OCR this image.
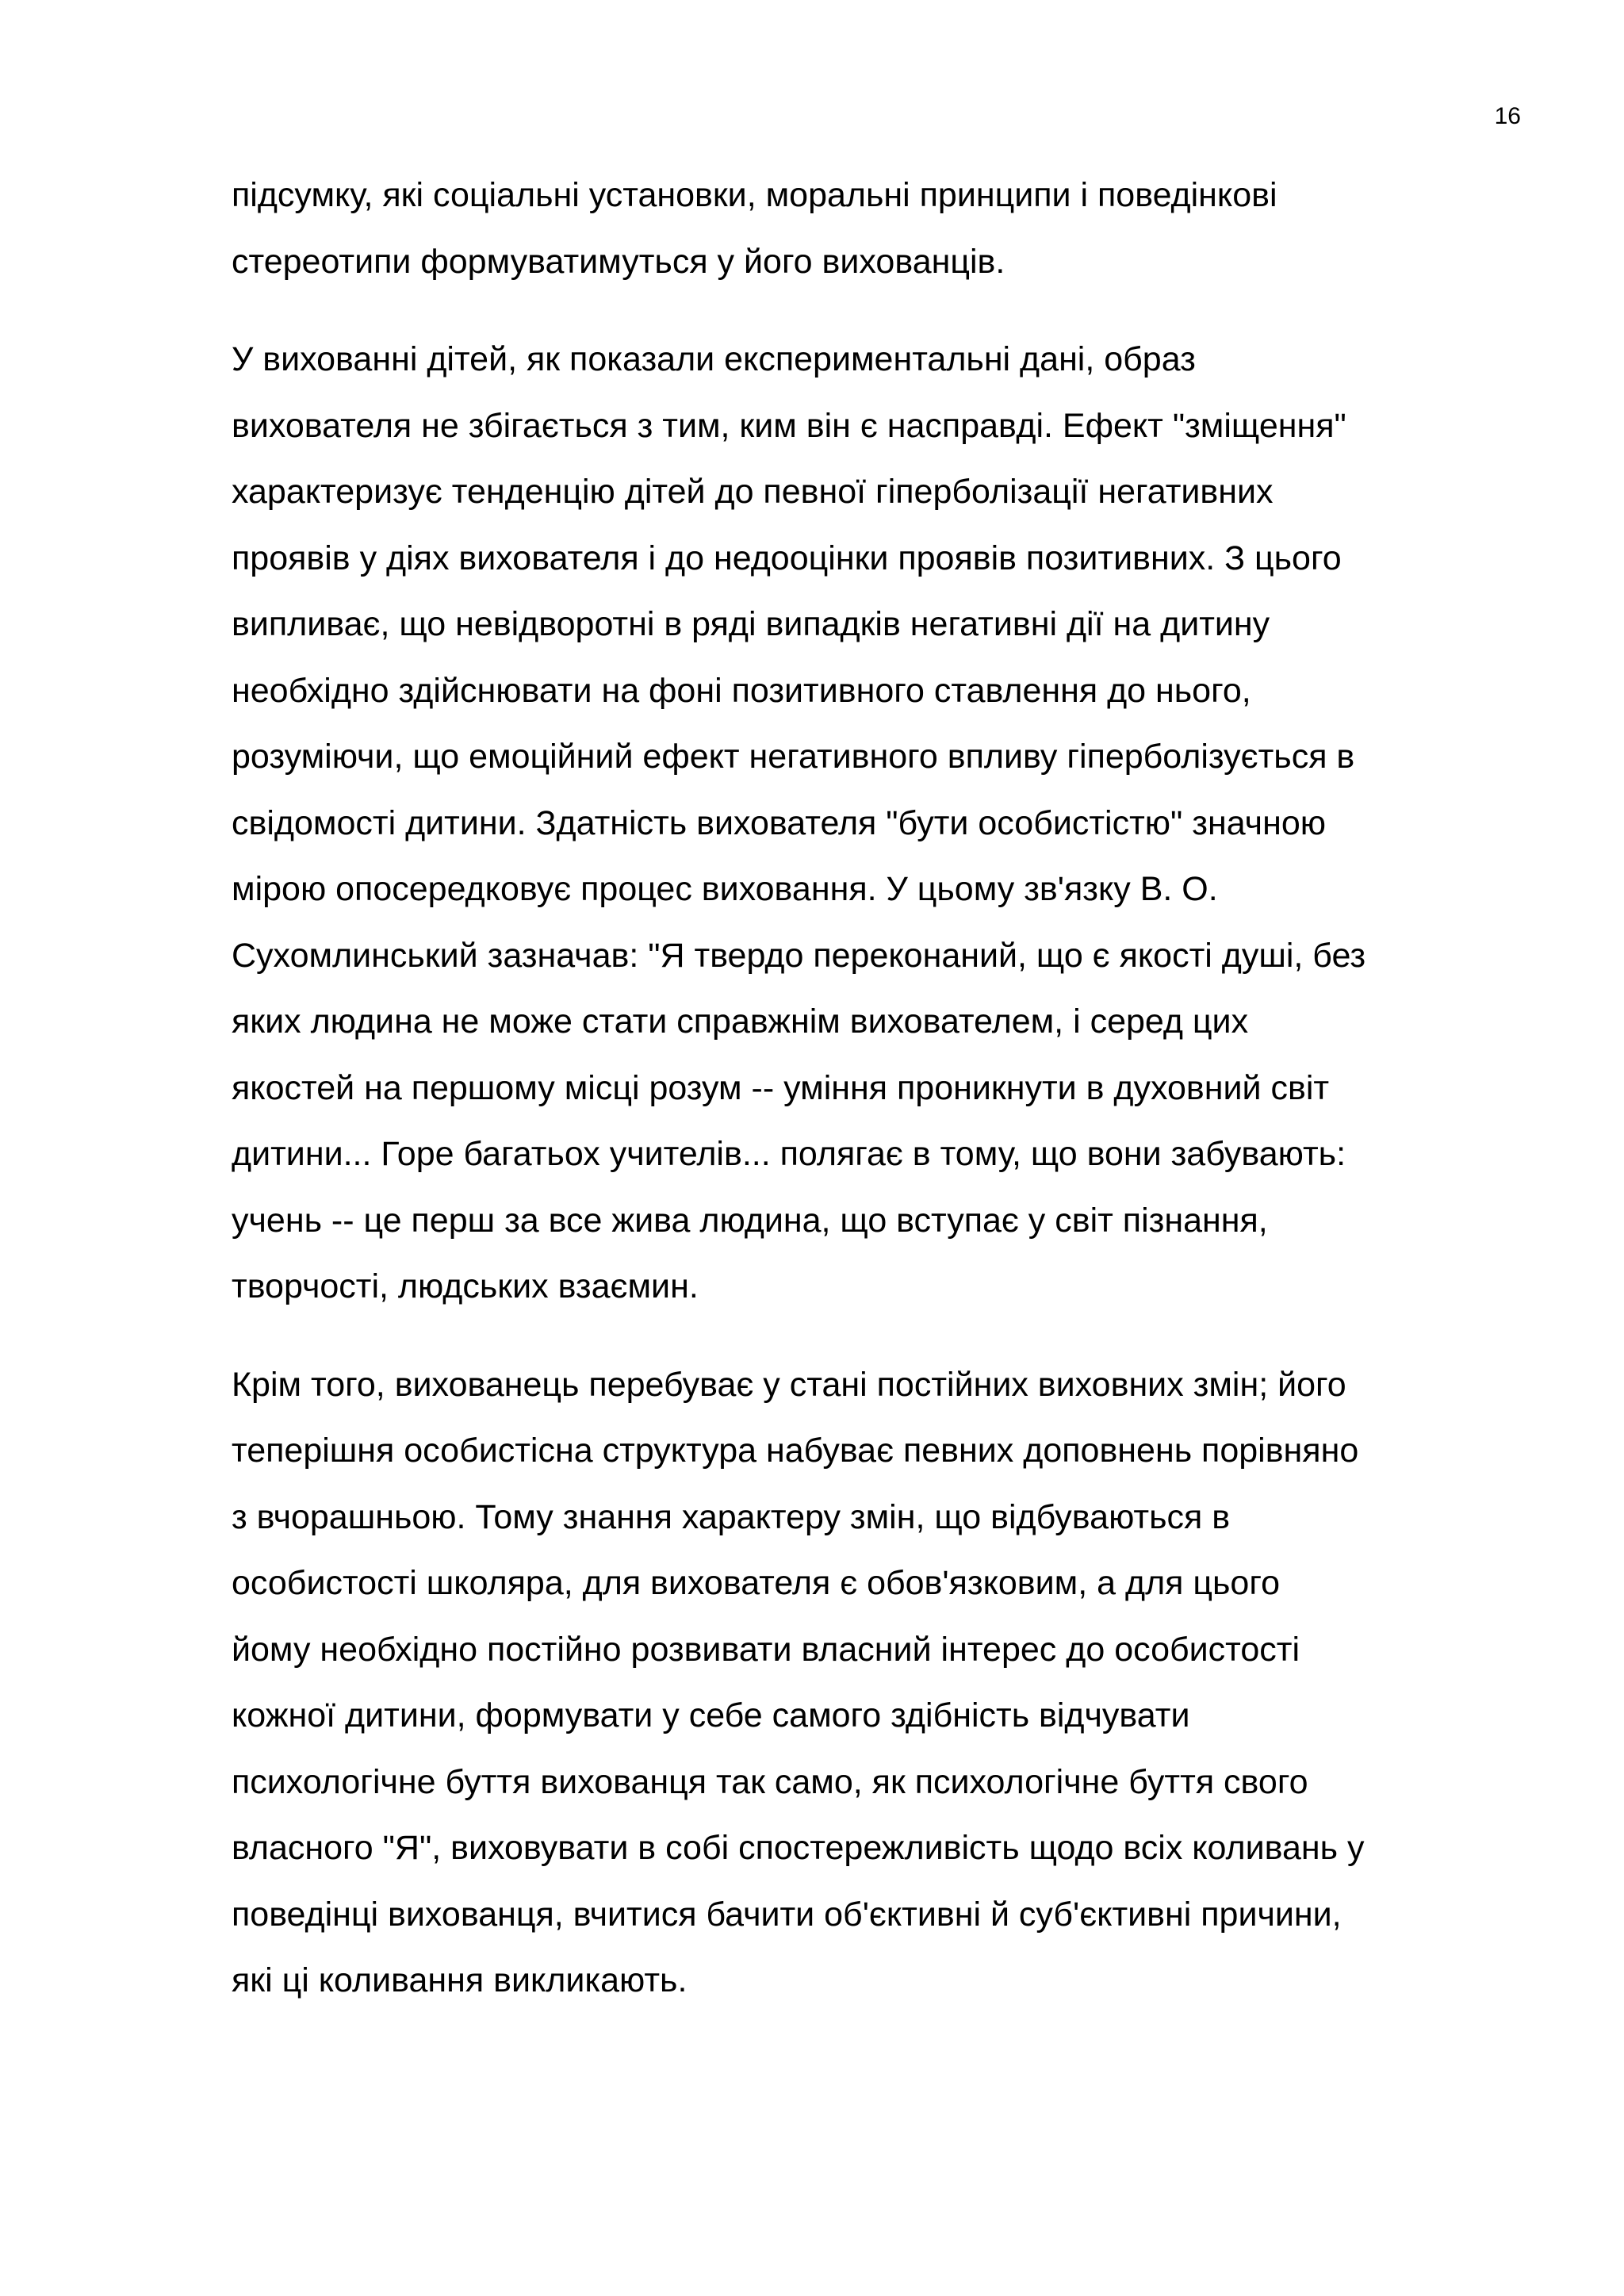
16
підсумку, які соціальні установки, моральні принципи і поведінкові
стереотипи формуватимуться у його вихованців.
У вихованні дітей, як показали експериментальні дані, образ
вихователя не збігається з тим, ким він є насправді. Ефект "зміщення"
характеризує тенденцію дітей до певної гіперболізації негативних
проявів у діях вихователя і до недооцінки проявів позитивних. З цього
випливає, що невідворотні в ряді випадків негативні дії на дитину
необхідно здійснювати на фоні позитивного ставлення до нього,
розуміючи, що емоційний ефект негативного впливу гіперболізується в
свідомості дитини. Здатність вихователя "бути особистістю" значною
мірою опосередковує процес виховання. У цьому зв'язку В. О.
Сухомлинський зазначав: "Я твердо переконаний, що є якості душі, без
яких людина не може стати справжнім вихователем, і серед цих
якостей на першому місці розум -- уміння проникнути в духовний світ
дитини... Горе багатьох учителів... полягає в тому, що вони забувають:
учень -- це перш за все жива людина, що вступає у світ пізнання,
творчості, людських взаємин.
Крім того, вихованець перебуває у стані постійних виховних змін; його
теперішня особистісна структура набуває певних доповнень порівняно
з вчорашньою. Тому знання характеру змін, що відбуваються в
особистості школяра, для вихователя є обов'язковим, а для цього
йому необхідно постійно розвивати власний інтерес до особистості
кожної дитини, формувати у себе самого здібність відчувати
психологічне буття вихованця так само, як психологічне буття свого
власного "Я", виховувати в собі спостережливість щодо всіх коливань у
поведінці вихованця, вчитися бачити об'єктивні й суб'єктивні причини,
які ці коливання викликають.
